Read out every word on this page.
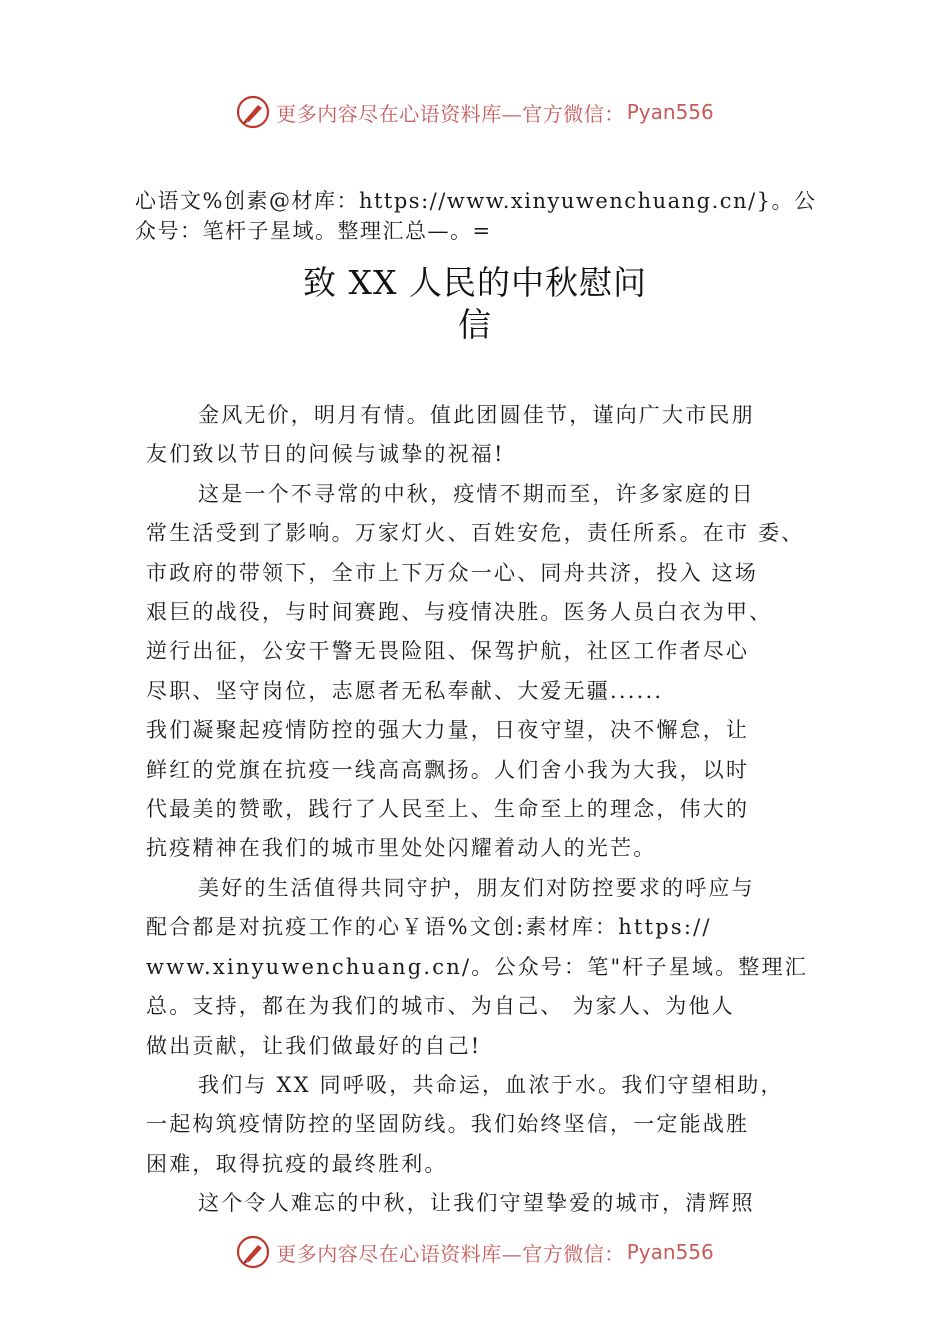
更多内容尽在心语资料库—官方微信： Pyan556
心语文%创素@材库：https://www.xinyuwenchuang.cn/}。公
众号：笔杆子星域。整理汇总—。=
致 XX 人民的中秋慰问
信

金风无价，明月有情。值此团圆佳节，谨向广大市民朋
友们致以节日的问候与诚挚的祝福!

这是一个不寻常的中秋，疫情不期而至，许多家庭的日
常生活受到了影响。万家灯火、百姓安危，责任所系。在市 委、
市政府的带领下，全市上下万众一心、同舟共济，投入 这场
艰巨的战役，与时间赛跑、与疫情决胜。医务人员白衣为甲、
逆行出征，公安干警无畏险阻、保驾护航，社区工作者尽心
尽职、坚守岗位，志愿者无私奉献、大爱无疆......

我们凝聚起疫情防控的强大力量，日夜守望，决不懈怠，让
鲜红的党旗在抗疫一线高高飘扬。人们舍小我为大我，以时
代最美的赞歌，践行了人民至上、生命至上的理念，伟大的
抗疫精神在我们的城市里处处闪耀着动人的光芒。

美好的生活值得共同守护，朋友们对防控要求的呼应与
配合都是对抗疫工作的心￥语%文创:素材库：https://
www.xinyuwenchuang.cn/。公众号：笔"杆子星域。整理汇
总。支持，都在为我们的城市、为自己、 为家人、为他人
做出贡献，让我们做最好的自己!

我们与 XX 同呼吸，共命运，血浓于水。我们守望相助，
一起构筑疫情防控的坚固防线。我们始终坚信，一定能战胜
困难，取得抗疫的最终胜利。

这个令人难忘的中秋，让我们守望挚爱的城市，清辉照

更多内容尽在心语资料库—官方微信： Pyan556
